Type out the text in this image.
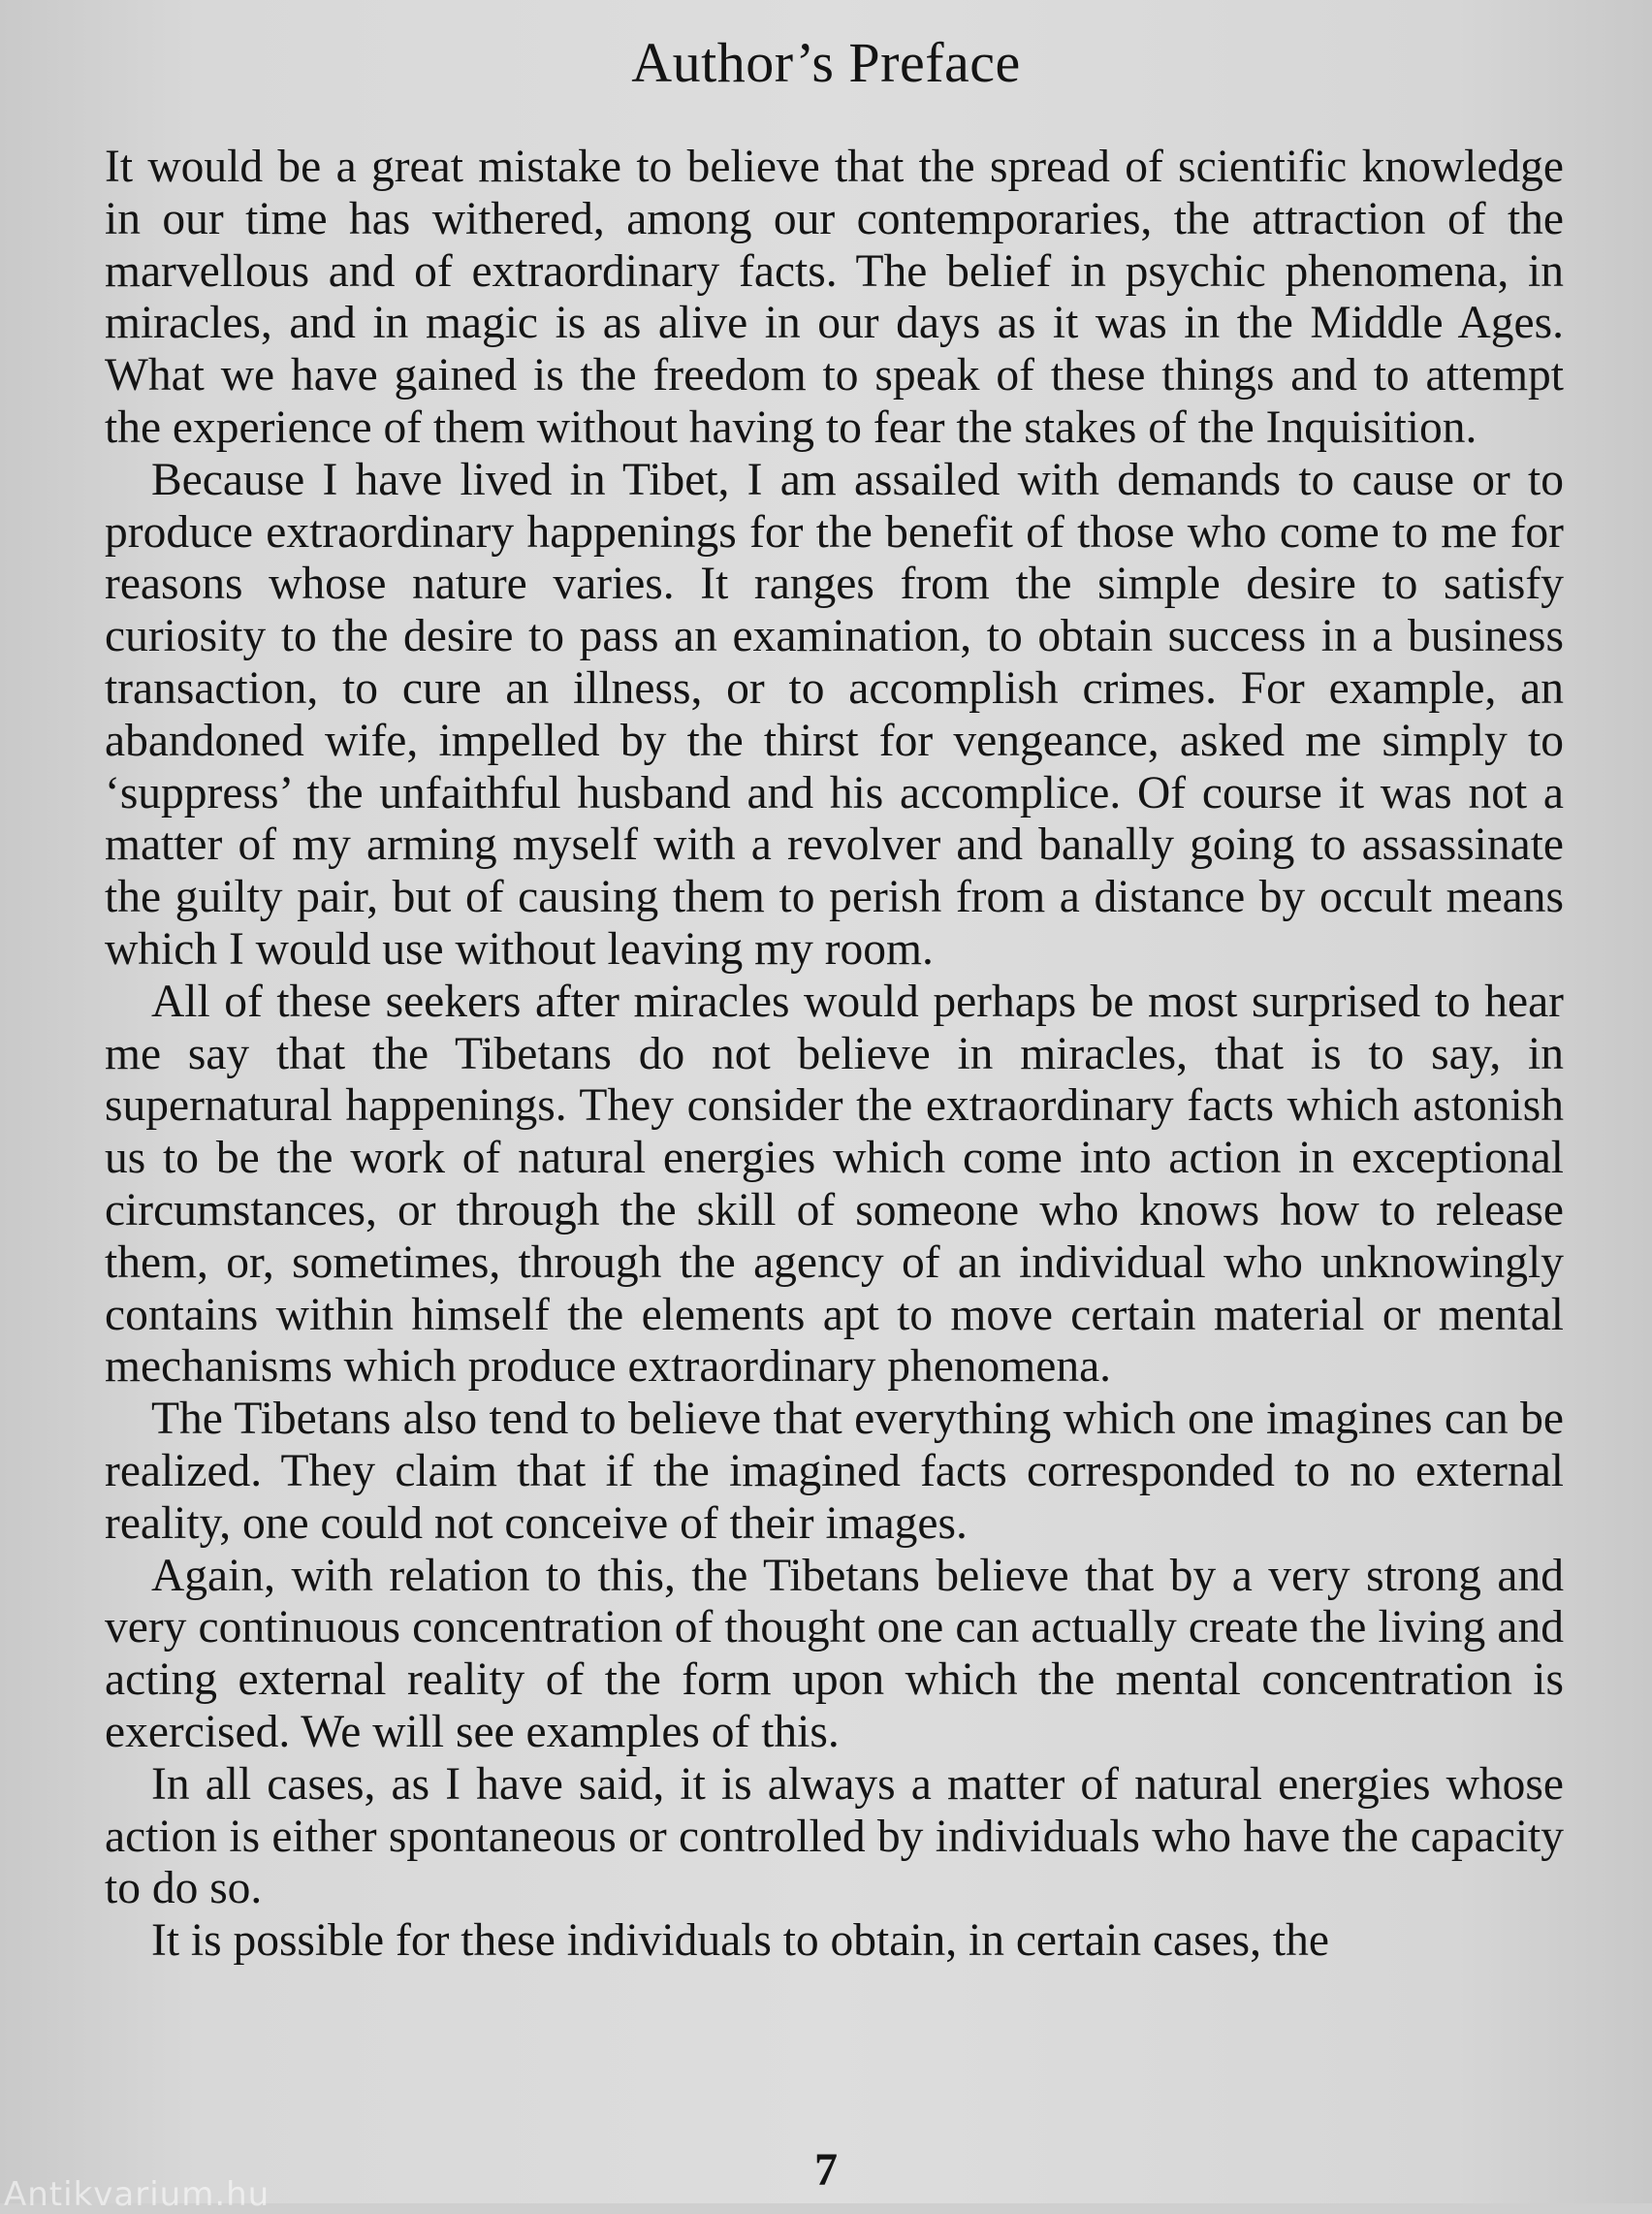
Author’s Preface

It would be a great mistake to believe that the spread of scientific knowledge in our time has withered, among our contemporaries, the attraction of the marvellous and of extraordinary facts. The belief in psychic phenomena, in miracles, and in magic is as alive in our days as it was in the Middle Ages. What we have gained is the freedom to speak of these things and to attempt the experience of them without having to fear the stakes of the Inquisition.

Because I have lived in Tibet, I am assailed with demands to cause or to produce extraordinary happenings for the benefit of those who come to me for reasons whose nature varies. It ranges from the simple desire to satisfy curiosity to the desire to pass an examination, to obtain success in a business transaction, to cure an illness, or to accomplish crimes. For example, an abandoned wife, impelled by the thirst for vengeance, asked me simply to ‘suppress’ the unfaithful husband and his accomplice. Of course it was not a matter of my arming myself with a revolver and banally going to assassinate the guilty pair, but of causing them to perish from a distance by occult means which I would use without leaving my room.

All of these seekers after miracles would perhaps be most surprised to hear me say that the Tibetans do not believe in miracles, that is to say, in supernatural happenings. They consider the extraordinary facts which astonish us to be the work of natural energies which come into action in exceptional circumstances, or through the skill of someone who knows how to release them, or, sometimes, through the agency of an individual who unknowingly contains within himself the elements apt to move certain material or mental mechanisms which produce extraordinary phenomena.

The Tibetans also tend to believe that everything which one imagines can be realized. They claim that if the imagined facts corresponded to no external reality, one could not conceive of their images.

Again, with relation to this, the Tibetans believe that by a very strong and very continuous concentration of thought one can actually create the living and acting external reality of the form upon which the mental concentration is exercised. We will see examples of this.

In all cases, as I have said, it is always a matter of natural energies whose action is either spontaneous or controlled by individuals who have the capacity to do so.

It is possible for these individuals to obtain, in certain cases, the

7
Antikvarium.hu
